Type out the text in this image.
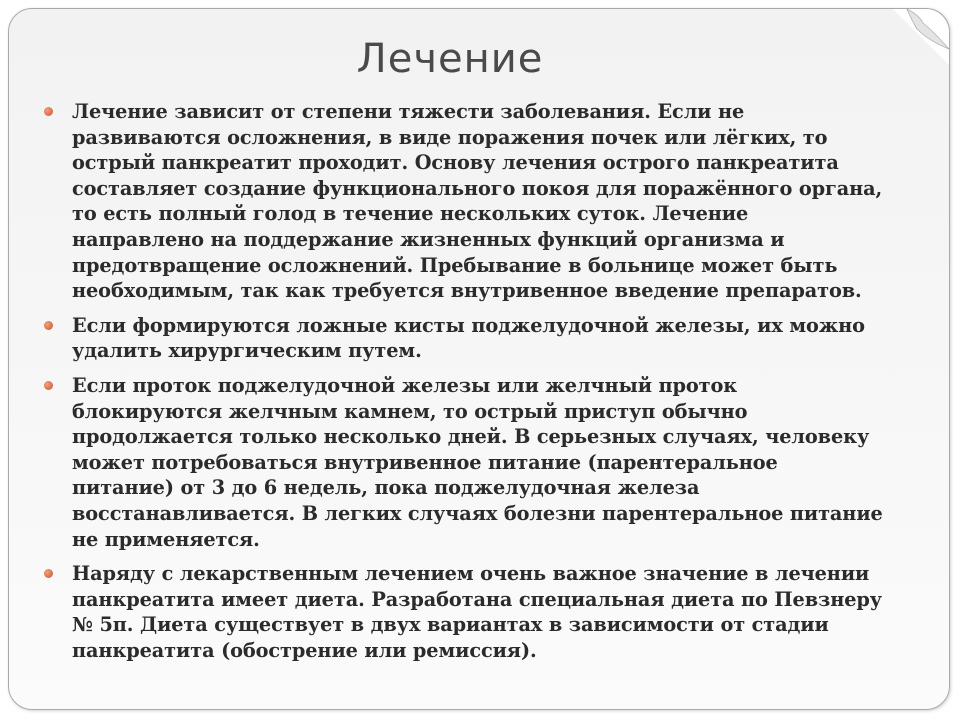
Лечение
Лечение зависит от степени тяжести заболевания. Если не развиваются осложнения, в виде поражения почек или лёгких, то острый панкреатит проходит. Основу лечения острого панкреатита составляет создание функционального покоя для поражённого органа, то есть полный голод в течение нескольких суток. Лечение направлено на поддержание жизненных функций организма и предотвращение осложнений. Пребывание в больнице может быть необходимым, так как требуется внутривенное введение препаратов.
Если формируются ложные кисты поджелудочной железы, их можно удалить хирургическим путем.
Если проток поджелудочной железы или желчный проток блокируются желчным камнем, то острый приступ обычно продолжается только несколько дней. В серьезных случаях, человеку может потребоваться внутривенное питание (парентеральное питание) от 3 до 6 недель, пока поджелудочная железа восстанавливается. В легких случаях болезни парентеральное питание не применяется.
Наряду с лекарственным лечением очень важное значение в лечении панкреатита имеет диета. Разработана специальная диета по Певзнеру № 5п. Диета существует в двух вариантах в зависимости от стадии панкреатита (обострение или ремиссия).
